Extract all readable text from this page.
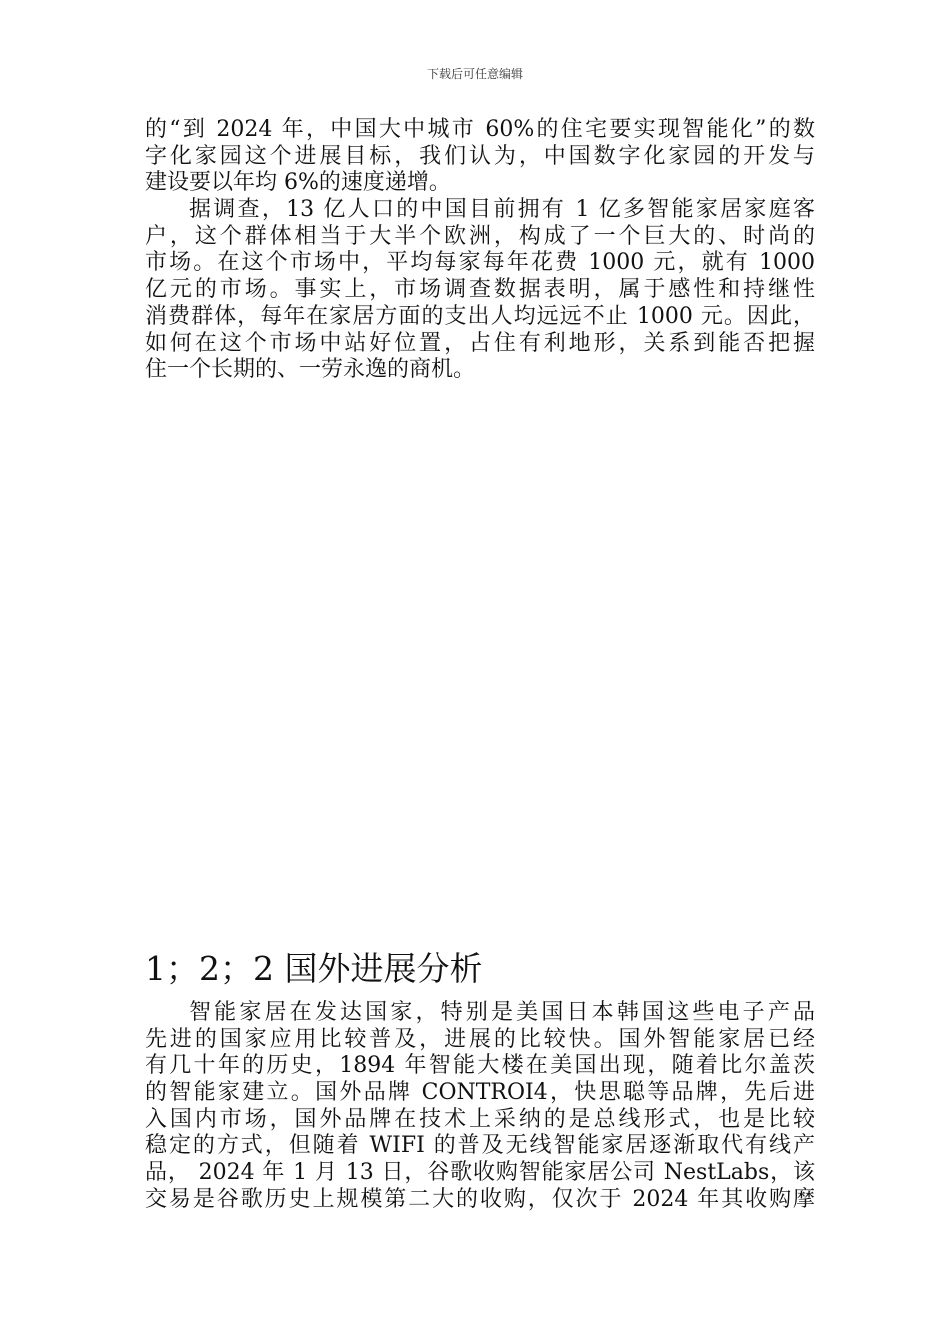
下载后可任意编辑
的“到 2024 年，中国大中城市 60%的住宅要实现智能化”的数
字化家园这个进展目标，我们认为，中国数字化家园的开发与
建设要以年均 6%的速度递增。
据调查，13 亿人口的中国目前拥有 1 亿多智能家居家庭客
户，这个群体相当于大半个欧洲，构成了一个巨大的、时尚的
市场。在这个市场中，平均每家每年花费 1000 元，就有 1000
亿元的市场。事实上，市场调查数据表明，属于感性和持继性
消费群体，每年在家居方面的支出人均远远不止 1000 元。因此，
如何在这个市场中站好位置，占住有利地形，关系到能否把握
住一个长期的、一劳永逸的商机。
1；2；2 国外进展分析
智能家居在发达国家，特别是美国日本韩国这些电子产品
先进的国家应用比较普及，进展的比较快。国外智能家居已经
有几十年的历史，1894 年智能大楼在美国出现，随着比尔盖茨
的智能家建立。国外品牌 CONTROI4，快思聪等品牌，先后进
入国内市场，国外品牌在技术上采纳的是总线形式，也是比较
稳定的方式，但随着 WIFI 的普及无线智能家居逐渐取代有线产
品， 2024 年 1 月 13 日，谷歌收购智能家居公司 NestLabs，该
交易是谷歌历史上规模第二大的收购，仅次于 2024 年其收购摩
